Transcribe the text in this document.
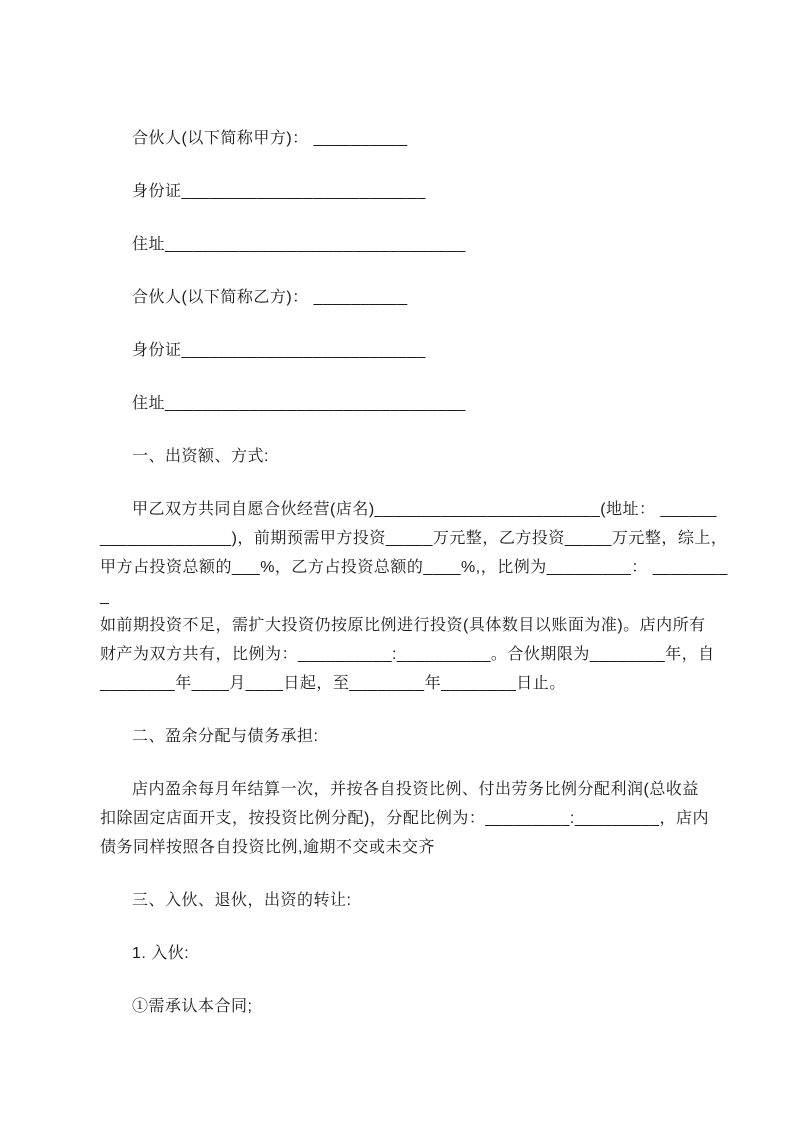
合伙人(以下简称甲方)： __________

身份证__________________________

住址________________________________

合伙人(以下简称乙方)： __________

身份证__________________________

住址________________________________

一、出资额、方式:

甲乙双方共同自愿合伙经营(店名)________________________(地址： ______
______________)，前期预需甲方投资_____万元整，乙方投资_____万元整，综上，
甲方占投资总额的___%，乙方占投资总额的____%,，比例为_________： _________
如前期投资不足，需扩大投资仍按原比例进行投资(具体数目以账面为准)。店内所有
财产为双方共有，比例为：__________:__________。合伙期限为________年，自
________年____月____日起，至________年________日止。

二、盈余分配与债务承担:

店内盈余每月年结算一次，并按各自投资比例、付出劳务比例分配利润(总收益
扣除固定店面开支，按投资比例分配)，分配比例为：_________:_________，店内
债务同样按照各自投资比例,逾期不交或未交齐

三、入伙、退伙，出资的转让:

1. 入伙:

①需承认本合同;
